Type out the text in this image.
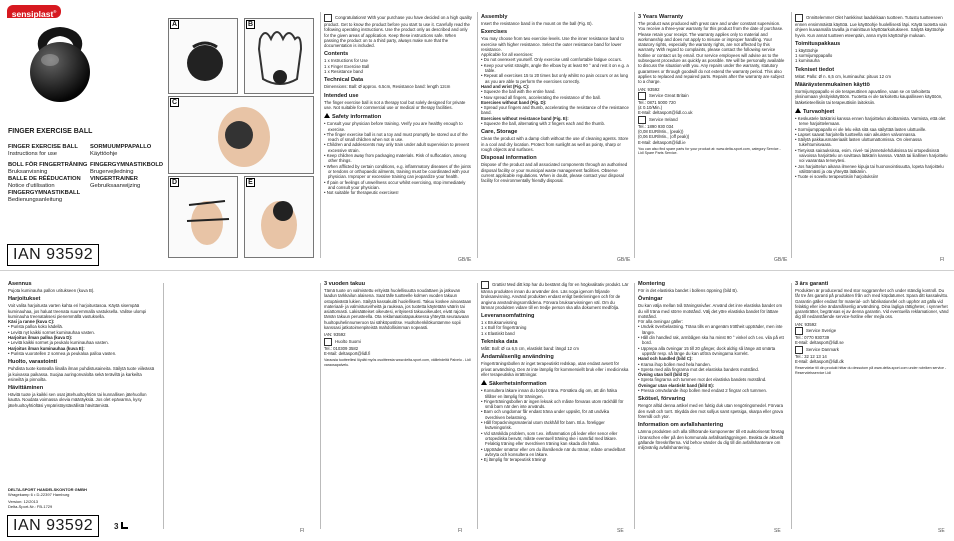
sensiplast®
FINGER EXERCISE BALL
FINGER EXERCISE BALL
Instructions for use
BOLL FÖR FINGERTRÄNING
Bruksanvisning
BALLE DE RÉÉDUCATION
Notice d'utilisation
FINGERGYMNASTIKBALL
Bedienungsanleitung
SORMUUMPPAPALLO
Käyttöohje
FINGERGYMNASTIKBOLD
Brugervejledning
VINGERTRAINER
Gebruiksaanwijzing
IAN 93592
A	B
C
D	E
Congratulations! With your purchase you have decided on a high quality product. Get to know the product before you start to use it. Carefully read the following operating instructions. Use the product only as described and only for the given areas of application. Keep these instructions safe. When passing the product on to a third party, always make sure that the documentation is included.
Contents
1 x Instructions for Use
1 x Finger Exercise Ball
1 x Resistance band
Technical Data
Dimensions: Ball: Ø approx. 6.5cm, Resistance band: length 12cm
Intended use
The finger exercise ball is not a therapy tool but solely designed for private use. Not suitable for commercial use or medical or therapy facilities.
Safety information
• Consult your physician before training. Verify you are healthy enough to exercise.
• The finger exercise ball is not a toy and must promptly be stored out of the reach of small children when not in use.
• Children and adolescents may only train under adult supervision to prevent excessive strain.
• Keep children away from packaging materials. Risk of suffocation, among other things.
• When afflicted by certain conditions, e.g. inflammatory diseases of the joints or tendons or orthopaedic ailments, training must be coordinated with your physician. Improper or excessive training can jeopardize your health.
• If pain or feelings of unwellness occur whilst exercising, stop immediately and consult your physician.
• Not suitable for therapeutic exercises!
GB/IE
Assembly
Insert the resistance band in the mount on the ball (Fig. B).
Exercises
You may choose from two exercise levels. Use the inner resistance band to exercise with higher resistance. Select the outer resistance band for lower resistance.
Applicable for all exercises:
• Do not overexert yourself. Only exercise until comfortable fatigue occurs.
• Keep your wrist straight, angle the elbow by at least 90 ° and rest it on e.g. a table.
• Repeat all exercises 15 to 20 times but only whilst no pain occurs or as long as you are able to perform the exercises correctly.
Hand and wrist (Fig. C):
• Squeeze the ball with the entire hand.
• Now spread all fingers, accelerating the resistance of the ball.
Exercises without band (Fig. D):
• Spread your fingers and thumb, accelerating the resistance of the resistance band.
Exercises without resistance band (Fig. E):
• Squeeze the ball, alternating with 2 fingers each and the thumb.
Care, Storage
Clean the product with a damp cloth without the use of cleaning agents. Store in a cool and dry location. Protect from sunlight as well as pointy, sharp or rough objects and surfaces.
Disposal information
Dispose of the product and all associated components through an authorised disposal facility or your municipal waste management facilities. Observe current applicable regulations. When in doubt, please contact your disposal facility for environmentally friendly disposal.
GB/IE
3 Years Warranty
The product was produced with great care and under constant supervision. You receive a three-year warranty for this product from the date of purchase. Please retain your receipt. The warranty applies only to material and workmanship and does not apply to misuse or improper handling. Your statutory rights, especially the warranty rights, are not affected by this warranty. With regard to complaints, please contact the following service hotline or contact us by email. Our service employees will advise as to the subsequent procedure as quickly as possible. We will be personally available to discuss the situation with you. Any repairs under the warranty, statutory guarantees or through goodwill do not extend the warranty period. This also applies to replaced and repaired parts. Repairs after the warranty are subject to a charge.
IAN: 93592
Service Great Britain
Tel.: 0871 5000 720
(£ 0.10/Min.)
E-Mail: deltasport@lidl.co.uk
Service Ireland
Tel.: 1890 930 034
(0,08 EUR/Min., (peak))
(0,06 EUR/Min., (off peak))
E-Mail: deltasport@lidl.ie
You can also find spare parts for your product at: www.delta-sport.com, category Service - Lidl Spare Parts Service.
GB/IE
Onnittelemme! Olet hankkinut laadukkaan tuotteen. Tutustu tuotteeseen ennen ensimmäistä käyttöä. Lue käyttöohje huolellisesti läpi. Käytä tuotetta vain ohjeen kuvaamalla tavalla ja mainittuun käyttötarkoitukseen. Säilytä käyttöohje hyvin. Kun annat tuotteen eteenpäin, anna myös käyttöohje mukaan.
Toimituspakkaus
1 käyttöohje
1 sormijumppapallo
1 kuminauha
Tekniset tiedot
Mitat: Pallo: Ø n. 6,5 cm, kuminauha: pituus 12 cm
Määräystenmukainen käyttö
Sormijumppapallo ei ole terapeuttinen apuväline, vaan se on tarkoitettu yksinomaan yksityiskäyttöön. Tuotetta ei ole tarkoitettu kaupalliseen käyttöön, lääketieteellisiin tai terapeuttisiin laitoksiin.
Turvaohjeet
• Keskustele lääkärisi kanssa ennen harjoittelun aloittamista. Varmista, että olet terve harjoittelemaan.
• Sormijumppapallo ei ole lelu eikä sitä saa säilyttää lasten ulottuville.
• Lapset saavat harjoitella tuotteella vain aikuisten valvonnassa.
• Säilytä pakkausmateriaalit lasten ulottumattomissa. On olemassa tukehtumisvaara.
• Tietyissä sairauksissa, esim. nivel- tai jännetulehduksissa tai ortopedisissä vaivoissa harjoittelu on sovittava lääkärin kanssa. Väärä tai liiallinen harjoittelu voi vaarantaa terveytesi.
• Jos harjoittelun aikana ilmenee kipuja tai huonovointisuutta, lopeta harjoittelu välittömästi ja ota yhteyttä lääkäriin.
• Tuote ei sovellu terapeuttisiin harjoituksiin!
FI
Asennus
Pujota kuminauha pallon uritukseen (kuva B).
Harjoitukset
Voit valita harjoitusta varten kahta eri harjoitustasoa. Käytä sisempää kuminauhaa, jos haluat treenata suuremmalla vastuksella. Valitse ulompi kuminauha treenataksesi pienemmällä vastuksella.
Käsi ja ranne (kuva C):
• Purista palloa koko kädellä.
• Levitä nyt kaikki sormet kuminauhaa vasten.
Harjoitus ilman palloa (kuva D):
• Levitä kaikki sormet ja peukalo kuminauhaa vasten.
Harjoitus ilman kuminauhaa (kuva E):
• Purista vuorotellen 2 sormea ja peukaloa palloa vasten.
Huolto, varastointi
Puhdista tuote kostealla liinalla ilman puhdistusaineita. Säilytä tuote viileässä ja kuivassa paikassa. Suojaa auringonvalolta sekä teräviltä ja karkeilta esineiltä ja pinnoilta.
Hävittäminen
Hävitä tuote ja kaikki sen osat jätehuoltoyhtiön tai kunnallisen jätehuollon kautta. Noudata voimassa olevia määräyksiä. Jos olet epävarma, kysy jätehuoltoyhtiöltäsi ympäristöystävällistä hävittämistä.
DELTA-SPORT HANDELSKONTOR GMBH
Wragekamp 6 • D-22397 Hamburg
Version: 12/2013
Delta-Sport-Nr.: FB-1729
IAN 93592	3	FI
3 vuoden takuu
Tämä tuote on valmistettu erityistä huolellisuutta noudattaen ja jatkuvan laadun tarkkailun alaisena. Saat tälle tuotteelle kolmen vuoden takuun ostopäivästä lukien. Säilytä kassakuitti huolellisesti. Takuu koskee ainoastaan materiaali- ja valmistusvirheitä ja raukeaa, jos tuotetta käytetään väärin tai asiattomasti. Lakisääteiset oikeutesi, erityisesti takuuoikeudet, eivät rajoitu tämän takuun perusteella. Ota reklamaatiotapauksessa yhteyttä seuraavaan huoltopuhelinnumeroon tai sähköpostitse. Huoltohenkilökuntamme sopii kanssasi jatkotoimenpiteistä mahdollisimman nopeasti.
IAN: 93592
Huolto Suomi
Tel.: 010309 3582
E-Mail: deltasport@lidl.fi
Varaosia tuotteellesi löydät myös osoitteesta www.delta-sport.com, välilehdeltä Palvelu - Lidl varaosapalvelu.
FI
Grattis! Med ditt köp har du bestämt dig för en högkvalitativ produkt. Lär känna produkten innan du använder den. Läs noga igenom följande bruksanvisning. Använd produkten endast enligt beskrivningen och för de angivna användningsområdena. Förvara bruksanvisningen väl. Om du lämnar produkten vidare till en tredje person ska alla dokument medfölja.
Leveransomfattning
1 x Bruksanvisning
1 x Boll för fingerträning
1 x Elastiskt band
Tekniska data
Mått: Boll: Ø ca 6,5 cm, elastiskt band: längd 12 cm
Ändamålsenlig användning
Fingerträningsbollen är inget terapeutiskt redskap, utan endast avsett för privat användning. Den är inte lämplig för kommersiellt bruk eller i medicinska eller terapeutiska inrättningar.
Säkerhetsinformation
• Konsultera läkare innan du börjar träna. Försäkra dig om, att din hälsa tillåter en lämplig för träningen.
• Fingerträningsbollen är ingen leksak och måste förvaras utom räckhåll för små barn när den inte används.
• Barn och ungdomar får endast träna under uppsikt, för att undvika överdriven belastning.
• Håll förpackningsmaterial utom räckhåll för barn. Bl.a. föreligger kvävningsrisk.
• Vid särskilda problem, som t.ex. inflammation på leder eller senor eller ortopediska besvär, måste eventuell träning ske i samråd med läkare. Felaktig träning eller överdriven träning kan skada din hälsa.
• Uppträder smärtor eller om du illamående när du tränar, måste omedelbart avbryta och konsultera en läkare.
• Ej lämplig för terapeutisk träning!
SE
Montering
För in det elastiska bandet i bollens öppning (bild B).
Övningar
Du kan välja mellan två träningsnivåer. Använd det inre elastiska bandet om du vill träna med större motstånd. Välj det yttre elastiska bandet för lättare motstånd.
För alla övningar gäller:
• Undvik överbelastning. Träna tills en angenäm tröttheit uppträder, men inte längre.
• Håll din handled rak, armbågen ska ha minst 90 ° vinkel och t.ex. vila på ett bord.
• Upprepa alla övningar 15 till 20 gånger, dock aldrig så länge att smärta uppstår resp. så länge du kan utföra övningarna korrekt.
Hand och handled (bild C):
• Krama ihop bollen med hela handen.
• Spreta med alla fingrarna mot det elastiska bandets motstånd.
Övning utan boll (bild D):
• Spreta fingrarna och tummen mot det elastiska bandets motstånd.
Övningar utan elastiskt band (bild E):
• Pressa omväxlande ihop bollen med endast 2 fingrar och tummen.
Skötsel, förvaring
Rengör alltid denna artikel med en fuktig duk utan rengöringsmedel. Förvara den svalt och torrt. Skydda den mot solljus samt spetsiga, skarpa eller grova föremål och ytor.
Information om avfallshantering
Lämna produkten och alla tillhörande komponenter till ett auktoriserat företag i branschen eller på den kommunala avfallsanläggningen. Beakta de aktuellt gällande föreskrifterna. Vid behov vänder du dig till din avfallshanterare om miljövänlig avfallshantering.
SE
3 års garanti
Produkten är producerad med stor noggrannhet och under ständig kontroll. Du får tre års garanti på produkten från och med köpdatumet. Spara ditt kassakvitto. Garantin gäller endast för material- och fabrikationsfel och upphör att gälla vid felaktig eller icke ändamålsenlig användning. Dina lagliga rättigheter, i synnerhet garantirätter, begränsas ej av denna garantin. Vid eventuella reklamationer, vänd dig till nedanstående service-hotline eller mejla oss.
IAN: 93592
Service Sverige
Tel.: 0770 930739
E-Mail: deltasport@lidl.se
Service Danmark
Tel.: 32 12 13 14
E-Mail: deltasport@lidl.dk
Reservdelar till din produkt hittar du dessutom på www.delta-sport.com under rubriken service - Reservdelsservice Lidl
SE
